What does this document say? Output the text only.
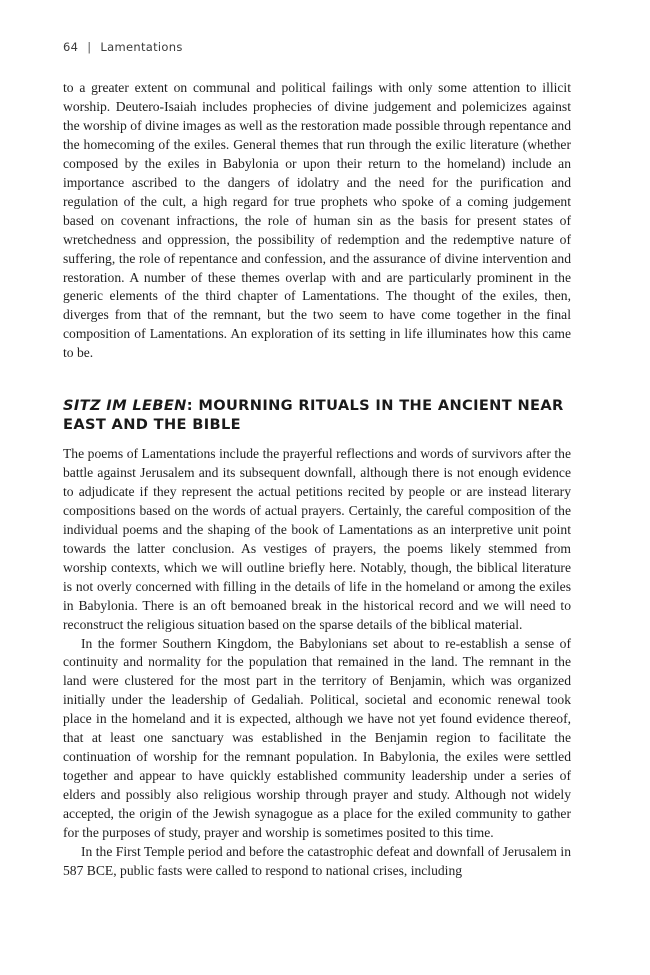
64 | Lamentations

to a greater extent on communal and political failings with only some attention to illicit worship. Deutero-Isaiah includes prophecies of divine judgement and polemicizes against the worship of divine images as well as the restoration made possible through repentance and the homecoming of the exiles. General themes that run through the exilic literature (whether composed by the exiles in Babylonia or upon their return to the homeland) include an importance ascribed to the dangers of idolatry and the need for the purification and regulation of the cult, a high regard for true prophets who spoke of a coming judgement based on covenant infractions, the role of human sin as the basis for present states of wretchedness and oppression, the possibility of redemption and the redemptive nature of suffering, the role of repentance and confession, and the assurance of divine intervention and restoration. A number of these themes overlap with and are particularly prominent in the generic elements of the third chapter of Lamentations. The thought of the exiles, then, diverges from that of the remnant, but the two seem to have come together in the final composition of Lamentations. An exploration of its setting in life illuminates how this came to be.

SITZ IM LEBEN: MOURNING RITUALS IN THE ANCIENT NEAR EAST AND THE BIBLE

The poems of Lamentations include the prayerful reflections and words of survivors after the battle against Jerusalem and its subsequent downfall, although there is not enough evidence to adjudicate if they represent the actual petitions recited by people or are instead literary compositions based on the words of actual prayers. Certainly, the careful composition of the individual poems and the shaping of the book of Lamentations as an interpretive unit point towards the latter conclusion. As vestiges of prayers, the poems likely stemmed from worship contexts, which we will outline briefly here. Notably, though, the biblical literature is not overly concerned with filling in the details of life in the homeland or among the exiles in Babylonia. There is an oft bemoaned break in the historical record and we will need to reconstruct the religious situation based on the sparse details of the biblical material.

In the former Southern Kingdom, the Babylonians set about to re-establish a sense of continuity and normality for the population that remained in the land. The remnant in the land were clustered for the most part in the territory of Benjamin, which was organized initially under the leadership of Gedaliah. Political, societal and economic renewal took place in the homeland and it is expected, although we have not yet found evidence thereof, that at least one sanctuary was established in the Benjamin region to facilitate the continuation of worship for the remnant population. In Babylonia, the exiles were settled together and appear to have quickly established community leadership under a series of elders and possibly also religious worship through prayer and study. Although not widely accepted, the origin of the Jewish synagogue as a place for the exiled community to gather for the purposes of study, prayer and worship is sometimes posited to this time.

In the First Temple period and before the catastrophic defeat and downfall of Jerusalem in 587 BCE, public fasts were called to respond to national crises, including
